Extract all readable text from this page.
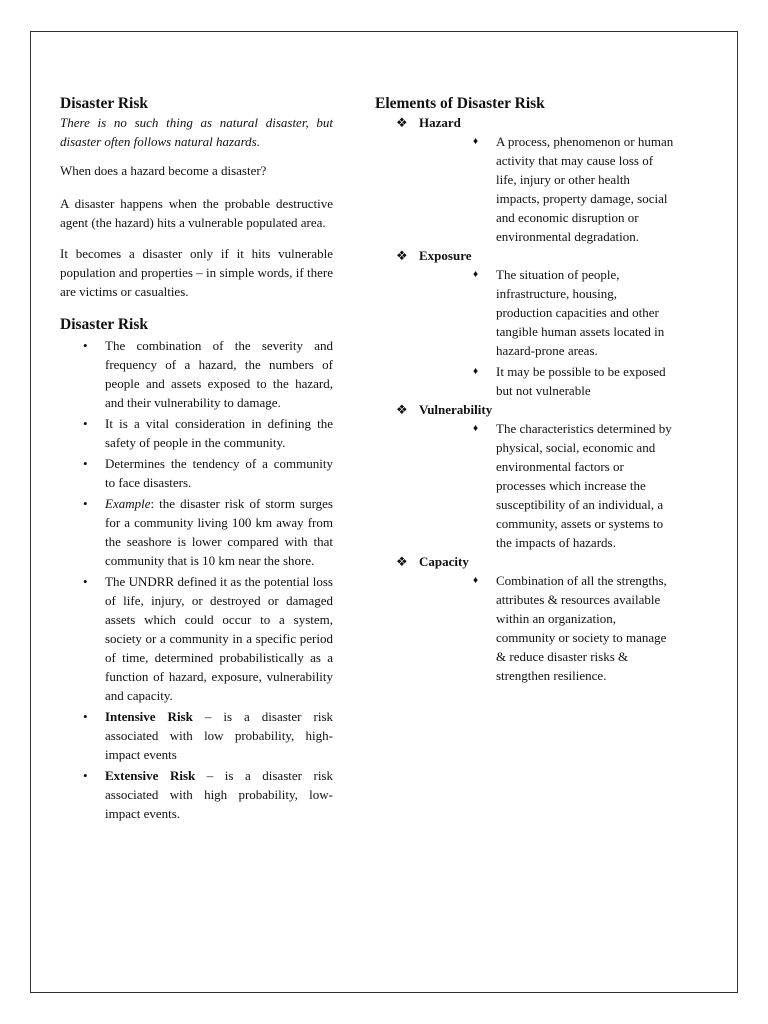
Disaster Risk
There is no such thing as natural disaster, but disaster often follows natural hazards.

When does a hazard become a disaster?

A disaster happens when the probable destructive agent (the hazard) hits a vulnerable populated area.

It becomes a disaster only if it hits vulnerable population and properties – in simple words, if there are victims or casualties.

Disaster Risk
• The combination of the severity and frequency of a hazard, the numbers of people and assets exposed to the hazard, and their vulnerability to damage.
• It is a vital consideration in defining the safety of people in the community.
• Determines the tendency of a community to face disasters.
• Example: the disaster risk of storm surges for a community living 100 km away from the seashore is lower compared with that community that is 10 km near the shore.
• The UNDRR defined it as the potential loss of life, injury, or destroyed or damaged assets which could occur to a system, society or a community in a specific period of time, determined probabilistically as a function of hazard, exposure, vulnerability and capacity.
• Intensive Risk – is a disaster risk associated with low probability, high-impact events
• Extensive Risk – is a disaster risk associated with high probability, low-impact events.
Elements of Disaster Risk
❖ Hazard
♦ A process, phenomenon or human activity that may cause loss of life, injury or other health impacts, property damage, social and economic disruption or environmental degradation.
❖ Exposure
♦ The situation of people, infrastructure, housing, production capacities and other tangible human assets located in hazard-prone areas.
♦ It may be possible to be exposed but not vulnerable
❖ Vulnerability
♦ The characteristics determined by physical, social, economic and environmental factors or processes which increase the susceptibility of an individual, a community, assets or systems to the impacts of hazards.
❖ Capacity
♦ Combination of all the strengths, attributes & resources available within an organization, community or society to manage & reduce disaster risks & strengthen resilience.
